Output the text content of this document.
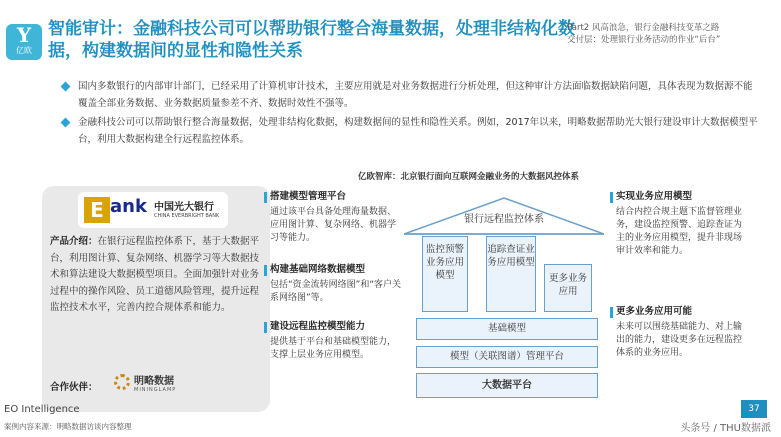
Y
亿欧
智能审计：金融科技公司可以帮助银行整合海量数据，处理非结构化数据，构建数据间的显性和隐性关系
Part2 风高浪急，银行金融科技变革之路
交付层：处理银行业务活动的作业“后台”
国内多数银行的内部审计部门，已经采用了计算机审计技术，主要应用就是对业务数据进行分析处理，但这种审计方法面临数据缺陷问题，具体表现为数据源不能覆盖全部业务数据、业务数据质量参差不齐、数据时效性不强等。
金融科技公司可以帮助银行整合海量数据，处理非结构化数据，构建数据间的显性和隐性关系。例如，2017年以来，明略数据帮助光大银行建设审计大数据模型平台，利用大数据构建全行远程监控体系。
E ank 中国光大银行
CHINA EVERBRIGHT BANK
产品介绍：在银行远程监控体系下，基于大数据平台，利用图计算、复杂网络、机器学习等大数据技术和算法建设大数据模型项目。全面加强针对业务过程中的操作风险、员工道德风险管理，提升远程监控技术水平，完善内控合规体系和能力。
合作伙伴：
明略数据
MININGLAMP
亿欧智库：北京银行面向互联网金融业务的大数据风控体系
搭建模型管理平台
通过该平台具备处理海量数据、应用图计算、复杂网络、机器学习等能力。
构建基础网络数据模型
包括“资金流转网络图”和“客户关系网络图”等。
建设远程监控模型能力
提供基于平台和基础模型能力，支撑上层业务应用模型。
实现业务应用模型
结合内控合规主题下监督管理业务，建设监控预警、追踪查证为主的业务应用模型，提升非现场审计效率和能力。
更多业务应用可能
未来可以围绕基础能力、对上输出的能力，建设更多在远程监控体系的业务应用。
银行远程监控体系
监控预警业务应用模型
追踪查证业务应用模型
更多业务应用
基础模型
模型（关联图谱）管理平台
大数据平台
EO Intelligence
案例内容来源：明略数据访谈内容整理
37
头条号 / THU数据派
